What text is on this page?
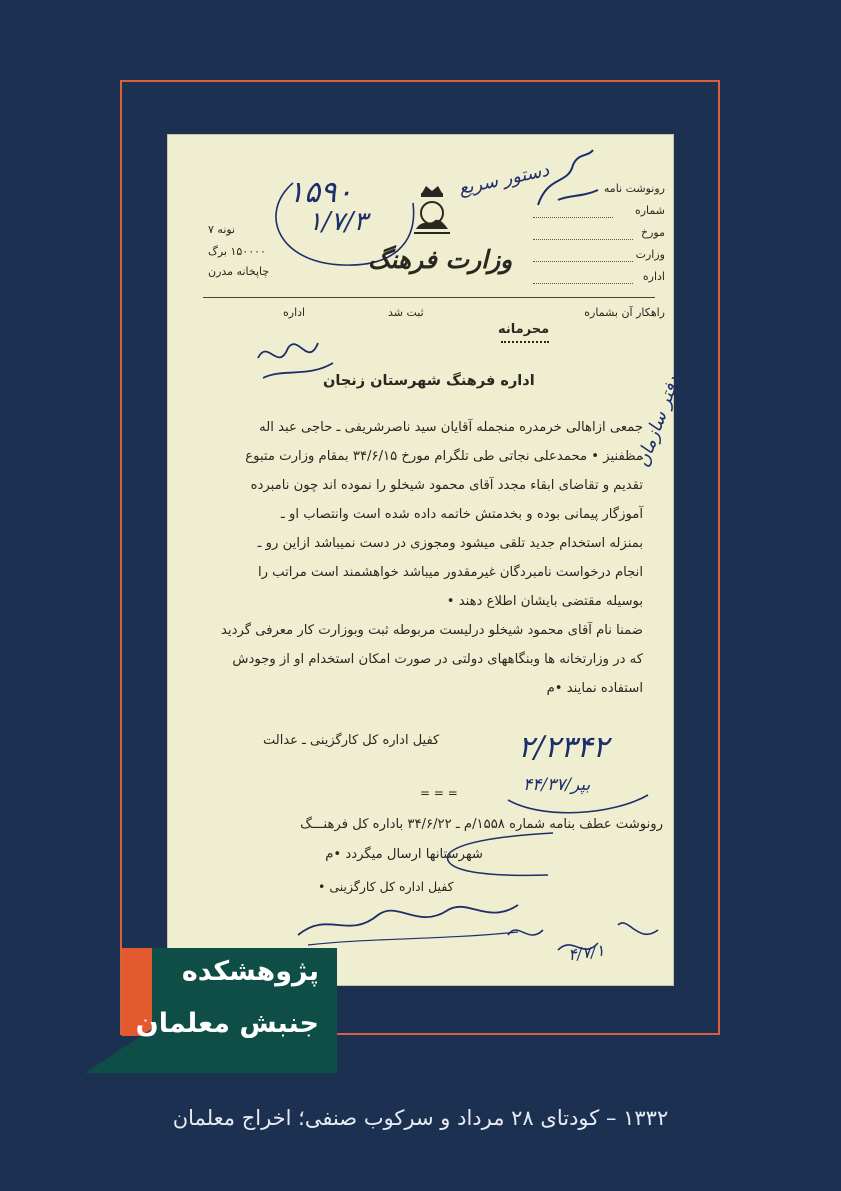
نونه ۷
۱۵۰۰۰۰ برگ
چاپخانه مدرن
۱۵۹۰
۱/۷/۳
دستور سریع
وزارت فرهنگ
رونوشت نامه
شماره
مورخ
وزارت
اداره
اداره	ثبت شد	راهکار آن بشماره
محرمانه
بدفتر سازمان
اداره فرهنگ شهرستان زنجان
جمعی ازاهالی خرمدره منجمله آقایان سید ناصرشریفی ـ حاجی عبد اله
مظفنیز • محمدعلی نجاتی طی تلگرام مورخ ۳۴/۶/۱۵ بمقام وزارت متبوع
تقدیم و تقاضای ابقاء مجدد آقای محمود شیخلو را نموده اند چون نامبرده
آموزگار پیمانی بوده و بخدمتش خاتمه داده شده است وانتصاب او ـ
بمنزله استخدام جدید تلقی میشود ومجوزی در دست نمیباشد ازاین رو ـ
انجام درخواست نامبردگان غیرمقدور میباشد خواهشمند است مراتب را
بوسیله مقتضی بایشان اطلاع دهند •
ضمنا نام آقای محمود شیخلو درلیست مربوطه ثبت وبوزارت کار معرفی گردید
که در وزارتخانه ها وبنگاههای دولتی در صورت امکان استخدام او از وجودش
استفاده نمایند •م
کفیل اداره کل کارگزینی ـ عدالت	۲/۲۳۴۲
بپر/۴۴/۳۷
= = =
رونوشت عطف بنامه شماره ۱۵۵۸/م ـ ۳۴/۶/۲۲ باداره کل فرهنـــگ
شهرستانها ارسال میگردد •م
کفیل اداره کل کارگزینی •
۴/۷/۱
پژوهشکده
جنبش معلمان
۱۳۳۲ – کودتای ۲۸ مرداد و سرکوب صنفی؛ اخراج معلمان
